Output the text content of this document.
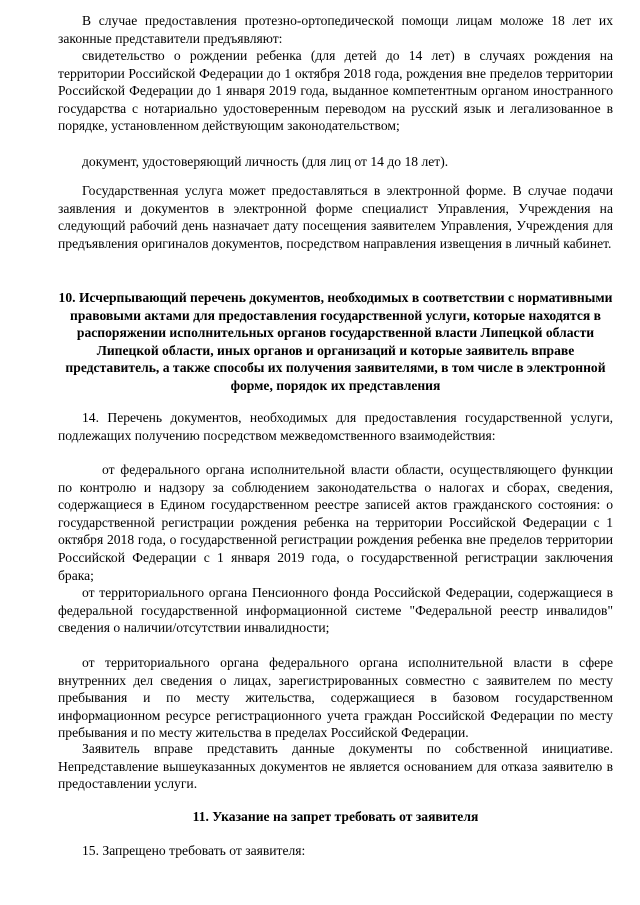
В случае предоставления протезно-ортопедической помощи лицам моложе 18 лет их законные представители предъявляют:

свидетельство о рождении ребенка (для детей до 14 лет) в случаях рождения на территории Российской Федерации до 1 октября 2018 года, рождения вне пределов территории Российской Федерации до 1 января 2019 года, выданное компетентным органом иностранного государства с нотариально удостоверенным переводом на русский язык и легализованное в порядке, установленном действующим законодательством;

документ, удостоверяющий личность (для лиц от 14 до 18 лет).

Государственная услуга может предоставляться в электронной форме. В случае подачи заявления и документов в электронной форме специалист Управления, Учреждения на следующий рабочий день назначает дату посещения заявителем Управления, Учреждения для предъявления оригиналов документов, посредством направления извещения в личный кабинет.

10. Исчерпывающий перечень документов, необходимых в соответствии с нормативными правовыми актами для предоставления государственной услуги, которые находятся в распоряжении исполнительных органов государственной власти Липецкой области Липецкой области, иных органов и организаций и которые заявитель вправе представитель, а также способы их получения заявителями, в том числе в электронной форме, порядок их представления

14. Перечень документов, необходимых для предоставления государственной услуги, подлежащих получению посредством межведомственного взаимодействия:

от федерального органа исполнительной власти области, осуществляющего функции по контролю и надзору за соблюдением законодательства о налогах и сборах, сведения, содержащиеся в Едином государственном реестре записей актов гражданского состояния: о государственной регистрации рождения ребенка на территории Российской Федерации с 1 октября 2018 года, о государственной регистрации рождения ребенка вне пределов территории Российской Федерации с 1 января 2019 года, о государственной регистрации заключения брака;

от территориального органа Пенсионного фонда Российской Федерации, содержащиеся в федеральной государственной информационной системе "Федеральной реестр инвалидов" сведения о наличии/отсутствии инвалидности;

от территориального органа федерального органа исполнительной власти в сфере внутренних дел сведения о лицах, зарегистрированных совместно с заявителем по месту пребывания и по месту жительства, содержащиеся в базовом государственном информационном ресурсе регистрационного учета граждан Российской Федерации по месту пребывания и по месту жительства в пределах Российской Федерации.

Заявитель вправе представить данные документы по собственной инициативе. Непредставление вышеуказанных документов не является основанием для отказа заявителю в предоставлении услуги.

11. Указание на запрет требовать от заявителя

15. Запрещено требовать от заявителя:
